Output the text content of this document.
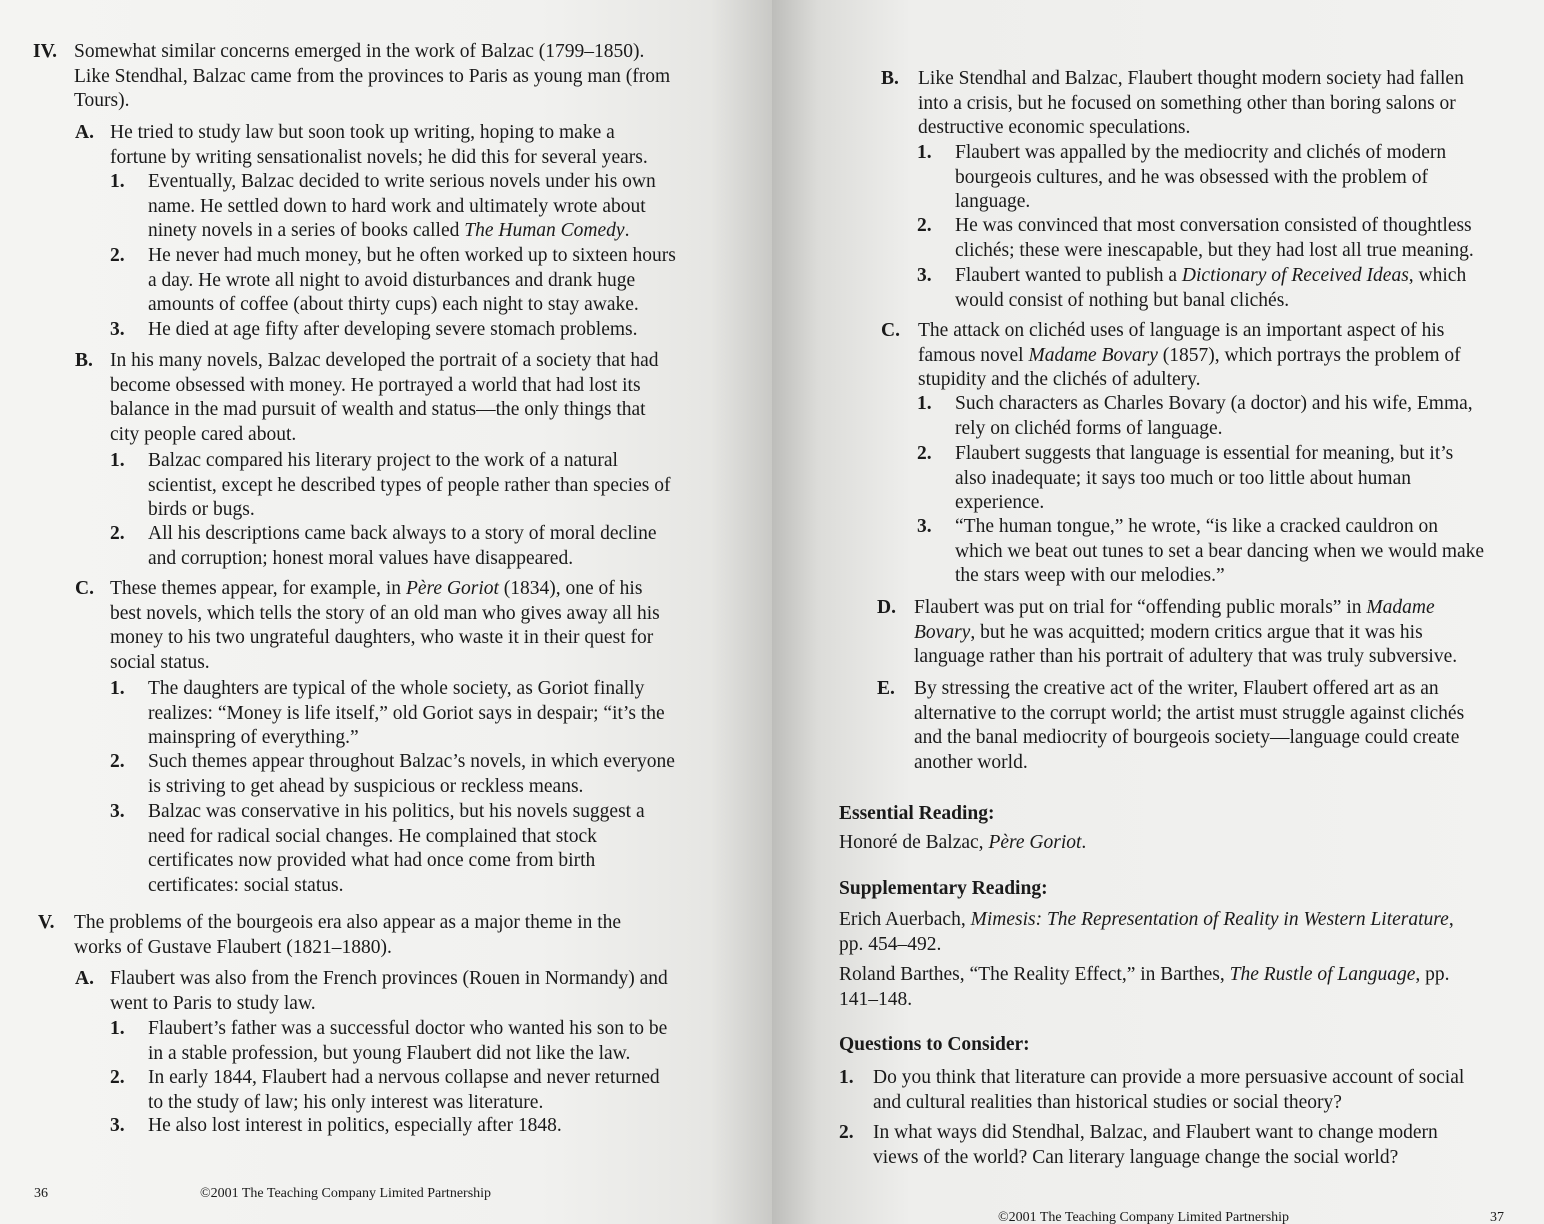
IV. Somewhat similar concerns emerged in the work of Balzac (1799–1850).
Like Stendhal, Balzac came from the provinces to Paris as young man (from
Tours).
A. He tried to study law but soon took up writing, hoping to make a
fortune by writing sensationalist novels; he did this for several years.
1. Eventually, Balzac decided to write serious novels under his own
name. He settled down to hard work and ultimately wrote about
ninety novels in a series of books called The Human Comedy.
2. He never had much money, but he often worked up to sixteen hours
a day. He wrote all night to avoid disturbances and drank huge
amounts of coffee (about thirty cups) each night to stay awake.
3. He died at age fifty after developing severe stomach problems.
B. In his many novels, Balzac developed the portrait of a society that had
become obsessed with money. He portrayed a world that had lost its
balance in the mad pursuit of wealth and status—the only things that
city people cared about.
1. Balzac compared his literary project to the work of a natural
scientist, except he described types of people rather than species of
birds or bugs.
2. All his descriptions came back always to a story of moral decline
and corruption; honest moral values have disappeared.
C. These themes appear, for example, in Père Goriot (1834), one of his
best novels, which tells the story of an old man who gives away all his
money to his two ungrateful daughters, who waste it in their quest for
social status.
1. The daughters are typical of the whole society, as Goriot finally
realizes: “Money is life itself,” old Goriot says in despair; “it’s the
mainspring of everything.”
2. Such themes appear throughout Balzac’s novels, in which everyone
is striving to get ahead by suspicious or reckless means.
3. Balzac was conservative in his politics, but his novels suggest a
need for radical social changes. He complained that stock
certificates now provided what had once come from birth
certificates: social status.
V. The problems of the bourgeois era also appear as a major theme in the
works of Gustave Flaubert (1821–1880).
A. Flaubert was also from the French provinces (Rouen in Normandy) and
went to Paris to study law.
1. Flaubert’s father was a successful doctor who wanted his son to be
in a stable profession, but young Flaubert did not like the law.
2. In early 1844, Flaubert had a nervous collapse and never returned
to the study of law; his only interest was literature.
3. He also lost interest in politics, especially after 1848.
36	©2001 The Teaching Company Limited Partnership
B. Like Stendhal and Balzac, Flaubert thought modern society had fallen
into a crisis, but he focused on something other than boring salons or
destructive economic speculations.
1. Flaubert was appalled by the mediocrity and clichés of modern
bourgeois cultures, and he was obsessed with the problem of
language.
2. He was convinced that most conversation consisted of thoughtless
clichés; these were inescapable, but they had lost all true meaning.
3. Flaubert wanted to publish a Dictionary of Received Ideas, which
would consist of nothing but banal clichés.
C. The attack on clichéd uses of language is an important aspect of his
famous novel Madame Bovary (1857), which portrays the problem of
stupidity and the clichés of adultery.
1. Such characters as Charles Bovary (a doctor) and his wife, Emma,
rely on clichéd forms of language.
2. Flaubert suggests that language is essential for meaning, but it’s
also inadequate; it says too much or too little about human
experience.
3. “The human tongue,” he wrote, “is like a cracked cauldron on
which we beat out tunes to set a bear dancing when we would make
the stars weep with our melodies.”
D. Flaubert was put on trial for “offending public morals” in Madame
Bovary, but he was acquitted; modern critics argue that it was his
language rather than his portrait of adultery that was truly subversive.
E. By stressing the creative act of the writer, Flaubert offered art as an
alternative to the corrupt world; the artist must struggle against clichés
and the banal mediocrity of bourgeois society—language could create
another world.
Essential Reading:
Honoré de Balzac, Père Goriot.
Supplementary Reading:
Erich Auerbach, Mimesis: The Representation of Reality in Western Literature,
pp. 454–492.
Roland Barthes, “The Reality Effect,” in Barthes, The Rustle of Language, pp.
141–148.
Questions to Consider:
1. Do you think that literature can provide a more persuasive account of social
and cultural realities than historical studies or social theory?
2. In what ways did Stendhal, Balzac, and Flaubert want to change modern
views of the world? Can literary language change the social world?
©2001 The Teaching Company Limited Partnership	37
